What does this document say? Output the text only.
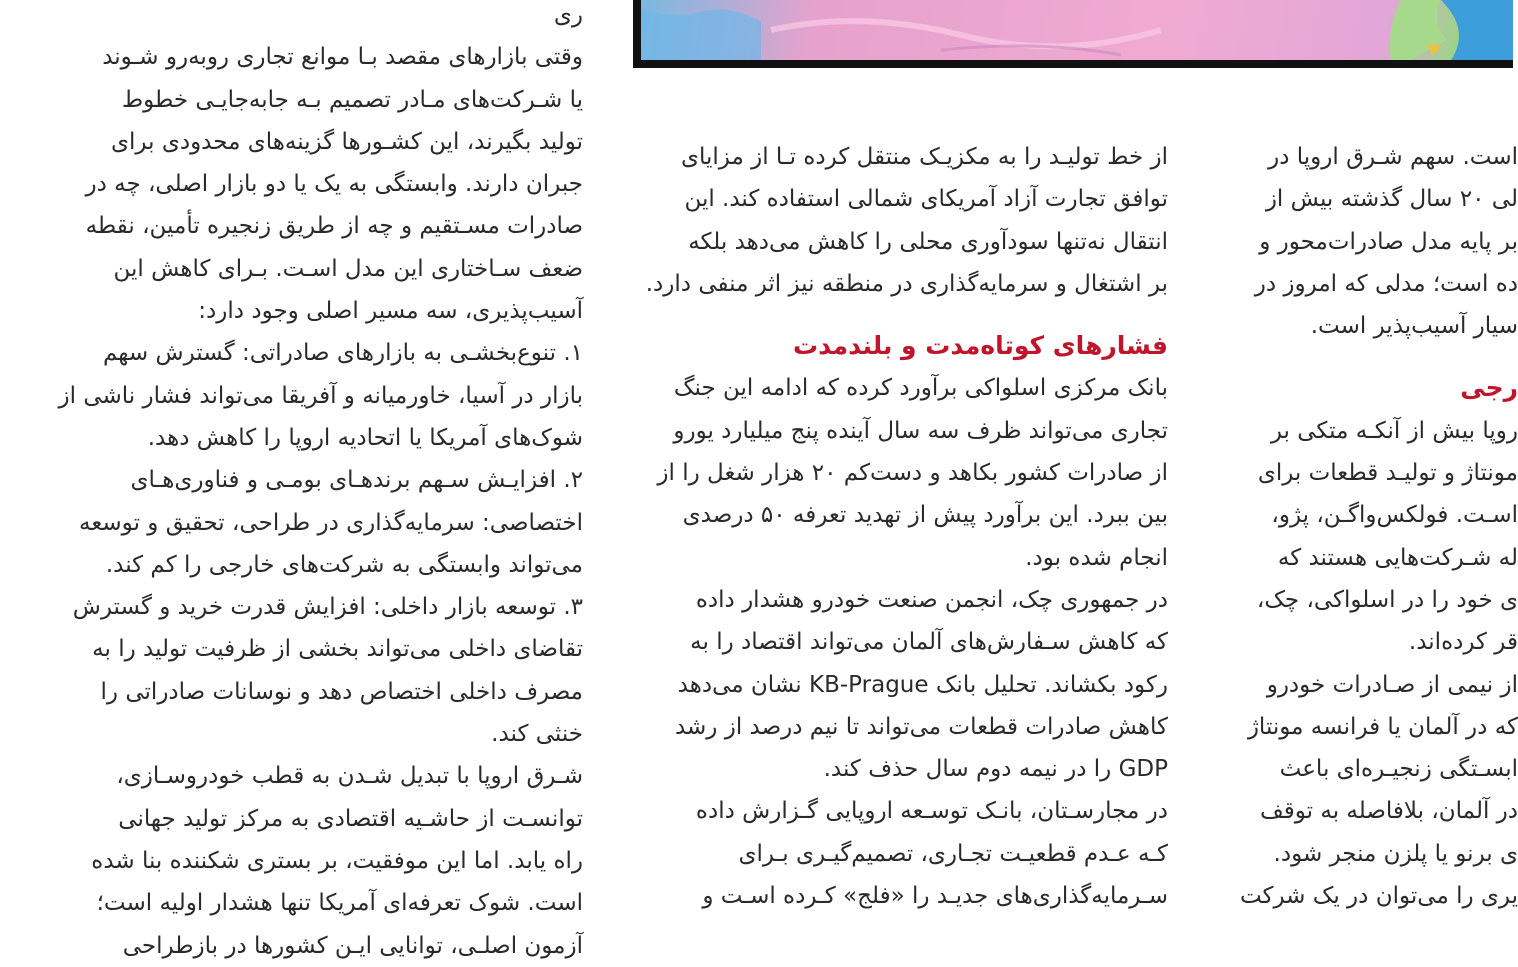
ری
وقتی بازارهای مقصد بـا موانع تجاری روبه‌رو شـوند
یا شـرکت‌های مـادر تصمیم بـه جابه‌جایـی خطوط
تولید بگیرند، این کشـورها گزینه‌های محدودی برای
جبران دارند. وابستگی به یک یا دو بازار اصلی، چه در
صادرات مسـتقیم و چه از طریق زنجیره تأمین، نقطه
ضعف سـاختاری این مدل اسـت. بـرای کاهش این
آسیب‌پذیری، سه مسیر اصلی وجود دارد:
۱. تنوع‌بخشـی به بازارهای صادراتی: گسترش سهم
بازار در آسیا، خاورمیانه و آفریقا می‌تواند فشار ناشی از
شوک‌های آمریکا یا اتحادیه اروپا را کاهش دهد.
۲. افزایـش سـهم برندهـای بومـی و فناوری‌هـای
اختصاصی: سرمایه‌گذاری در طراحی، تحقیق و توسعه
می‌تواند وابستگی به شرکت‌های خارجی را کم کند.
۳. توسعه بازار داخلی: افزایش قدرت خرید و گسترش
تقاضای داخلی می‌تواند بخشی از ظرفیت تولید را به
مصرف داخلی اختصاص دهد و نوسانات صادراتی را
خنثی کند.
شـرق اروپا با تبدیل شـدن به قطب خودروسـازی،
توانسـت از حاشـیه اقتصادی به مرکز تولید جهانی
راه یابد. اما این موفقیت، بر بستری شکننده بنا شده
است. شوک تعرفه‌ای آمریکا تنها هشدار اولیه است؛
آزمون اصلـی، توانایی ایـن کشورها در بازطراحی
از خط تولیـد را به مکزیـک منتقل کرده تـا از مزایای
توافق تجارت آزاد آمریکای شمالی استفاده کند. این
انتقال نه‌تنها سودآوری محلی را کاهش می‌دهد بلکه
بر اشتغال و سرمایه‌گذاری در منطقه نیز اثر منفی دارد.
فشارهای کوتاه‌مدت و بلندمدت
بانک مرکزی اسلواکی برآورد کرده که ادامه این جنگ
تجاری می‌تواند ظرف سه سال آینده پنج میلیارد یورو
از صادرات کشور بکاهد و دست‌کم ۲۰ هزار شغل را از
بین ببرد. این برآورد پیش از تهدید تعرفه ۵۰ درصدی
انجام شده بود.
در جمهوری چک، انجمن صنعت خودرو هشدار داده
که کاهش سـفارش‌های آلمان می‌تواند اقتصاد را به
رکود بکشاند. تحلیل بانک KB-Prague نشان می‌دهد
کاهش صادرات قطعات می‌تواند تا نیم درصد از رشد
GDP را در نیمه دوم سال حذف کند.
در مجارسـتان، بانـک توسـعه اروپایی گـزارش داده
کـه عـدم قطعیـت تجـاری، تصمیم‌گیـری بـرای
سـرمایه‌گذاری‌های جدیـد را «فلج» کـرده اسـت و
است. سهم شـرق اروپا در
لی ۲۰ سال گذشته بیش از
بر پایه مدل صادرات‌محور و
ده است؛ مدلی که امروز در
سیار آسیب‌پذیر است.
رجی
روپا بیش از آنکـه متکی بر
مونتاژ و تولیـد قطعات برای
اسـت. فولکس‌واگـن، پژو،
له شـرکت‌هایی هستند که
ی خود را در اسلواکی، چک،
قر کرده‌اند.
از نیمی از صـادرات خودرو
که در آلمان یا فرانسه مونتاژ
ابسـتگی زنجیـره‌ای باعث
در آلمان، بلافاصله به توقف
ی برنو یا پلزن منجر شود.
یری را می‌توان در یک شرکت
